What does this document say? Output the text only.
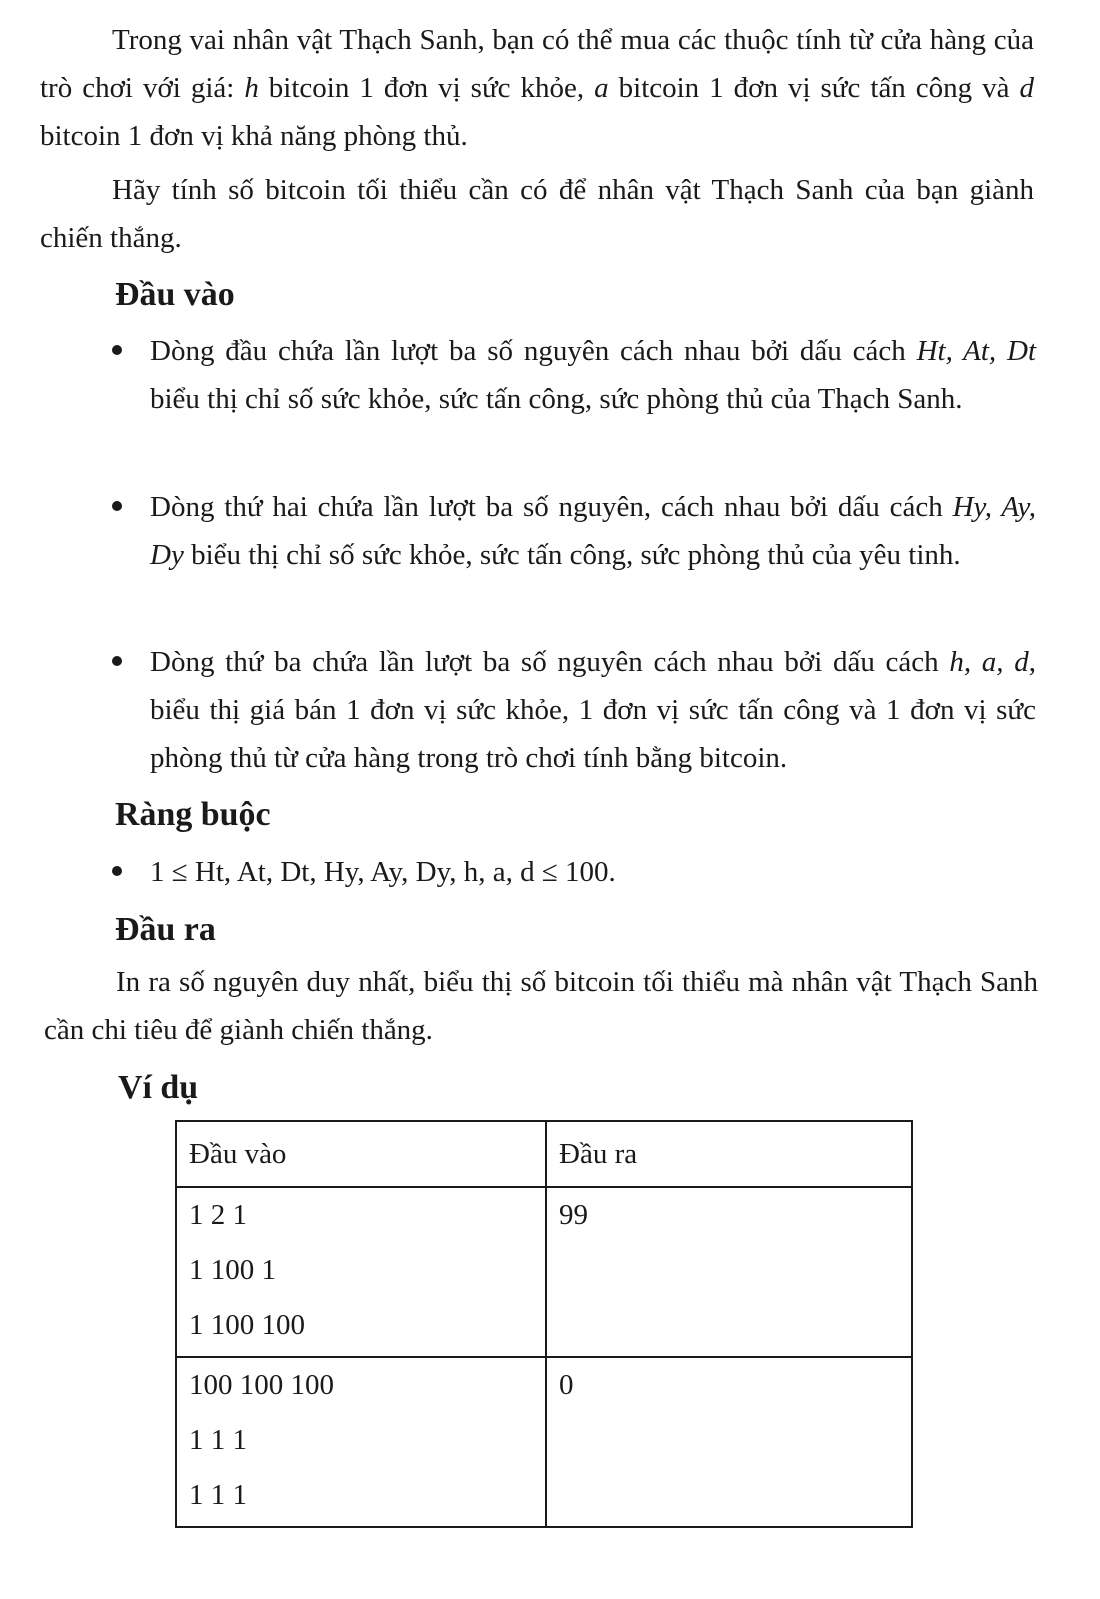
Trong vai nhân vật Thạch Sanh, bạn có thể mua các thuộc tính từ cửa hàng của trò chơi với giá: h bitcoin 1 đơn vị sức khỏe, a bitcoin 1 đơn vị sức tấn công và d bitcoin 1 đơn vị khả năng phòng thủ.

Hãy tính số bitcoin tối thiểu cần có để nhân vật Thạch Sanh của bạn giành chiến thắng.

Đầu vào
Dòng đầu chứa lần lượt ba số nguyên cách nhau bởi dấu cách Ht, At, Dt biểu thị chỉ số sức khỏe, sức tấn công, sức phòng thủ của Thạch Sanh.
Dòng thứ hai chứa lần lượt ba số nguyên, cách nhau bởi dấu cách Hy, Ay, Dy biểu thị chỉ số sức khỏe, sức tấn công, sức phòng thủ của yêu tinh.
Dòng thứ ba chứa lần lượt ba số nguyên cách nhau bởi dấu cách h, a, d, biểu thị giá bán 1 đơn vị sức khỏe, 1 đơn vị sức tấn công và 1 đơn vị sức phòng thủ từ cửa hàng trong trò chơi tính bằng bitcoin.
Ràng buộc
1 ≤ Ht, At, Dt, Hy, Ay, Dy, h, a, d ≤ 100.
Đầu ra

In ra số nguyên duy nhất, biểu thị số bitcoin tối thiểu mà nhân vật Thạch Sanh cần chi tiêu để giành chiến thắng.

Ví dụ
Đầu vào	Đầu ra

1 2 1
1 100 1
1 100 100	99

100 100 100
1 1 1
1 1 1	0
